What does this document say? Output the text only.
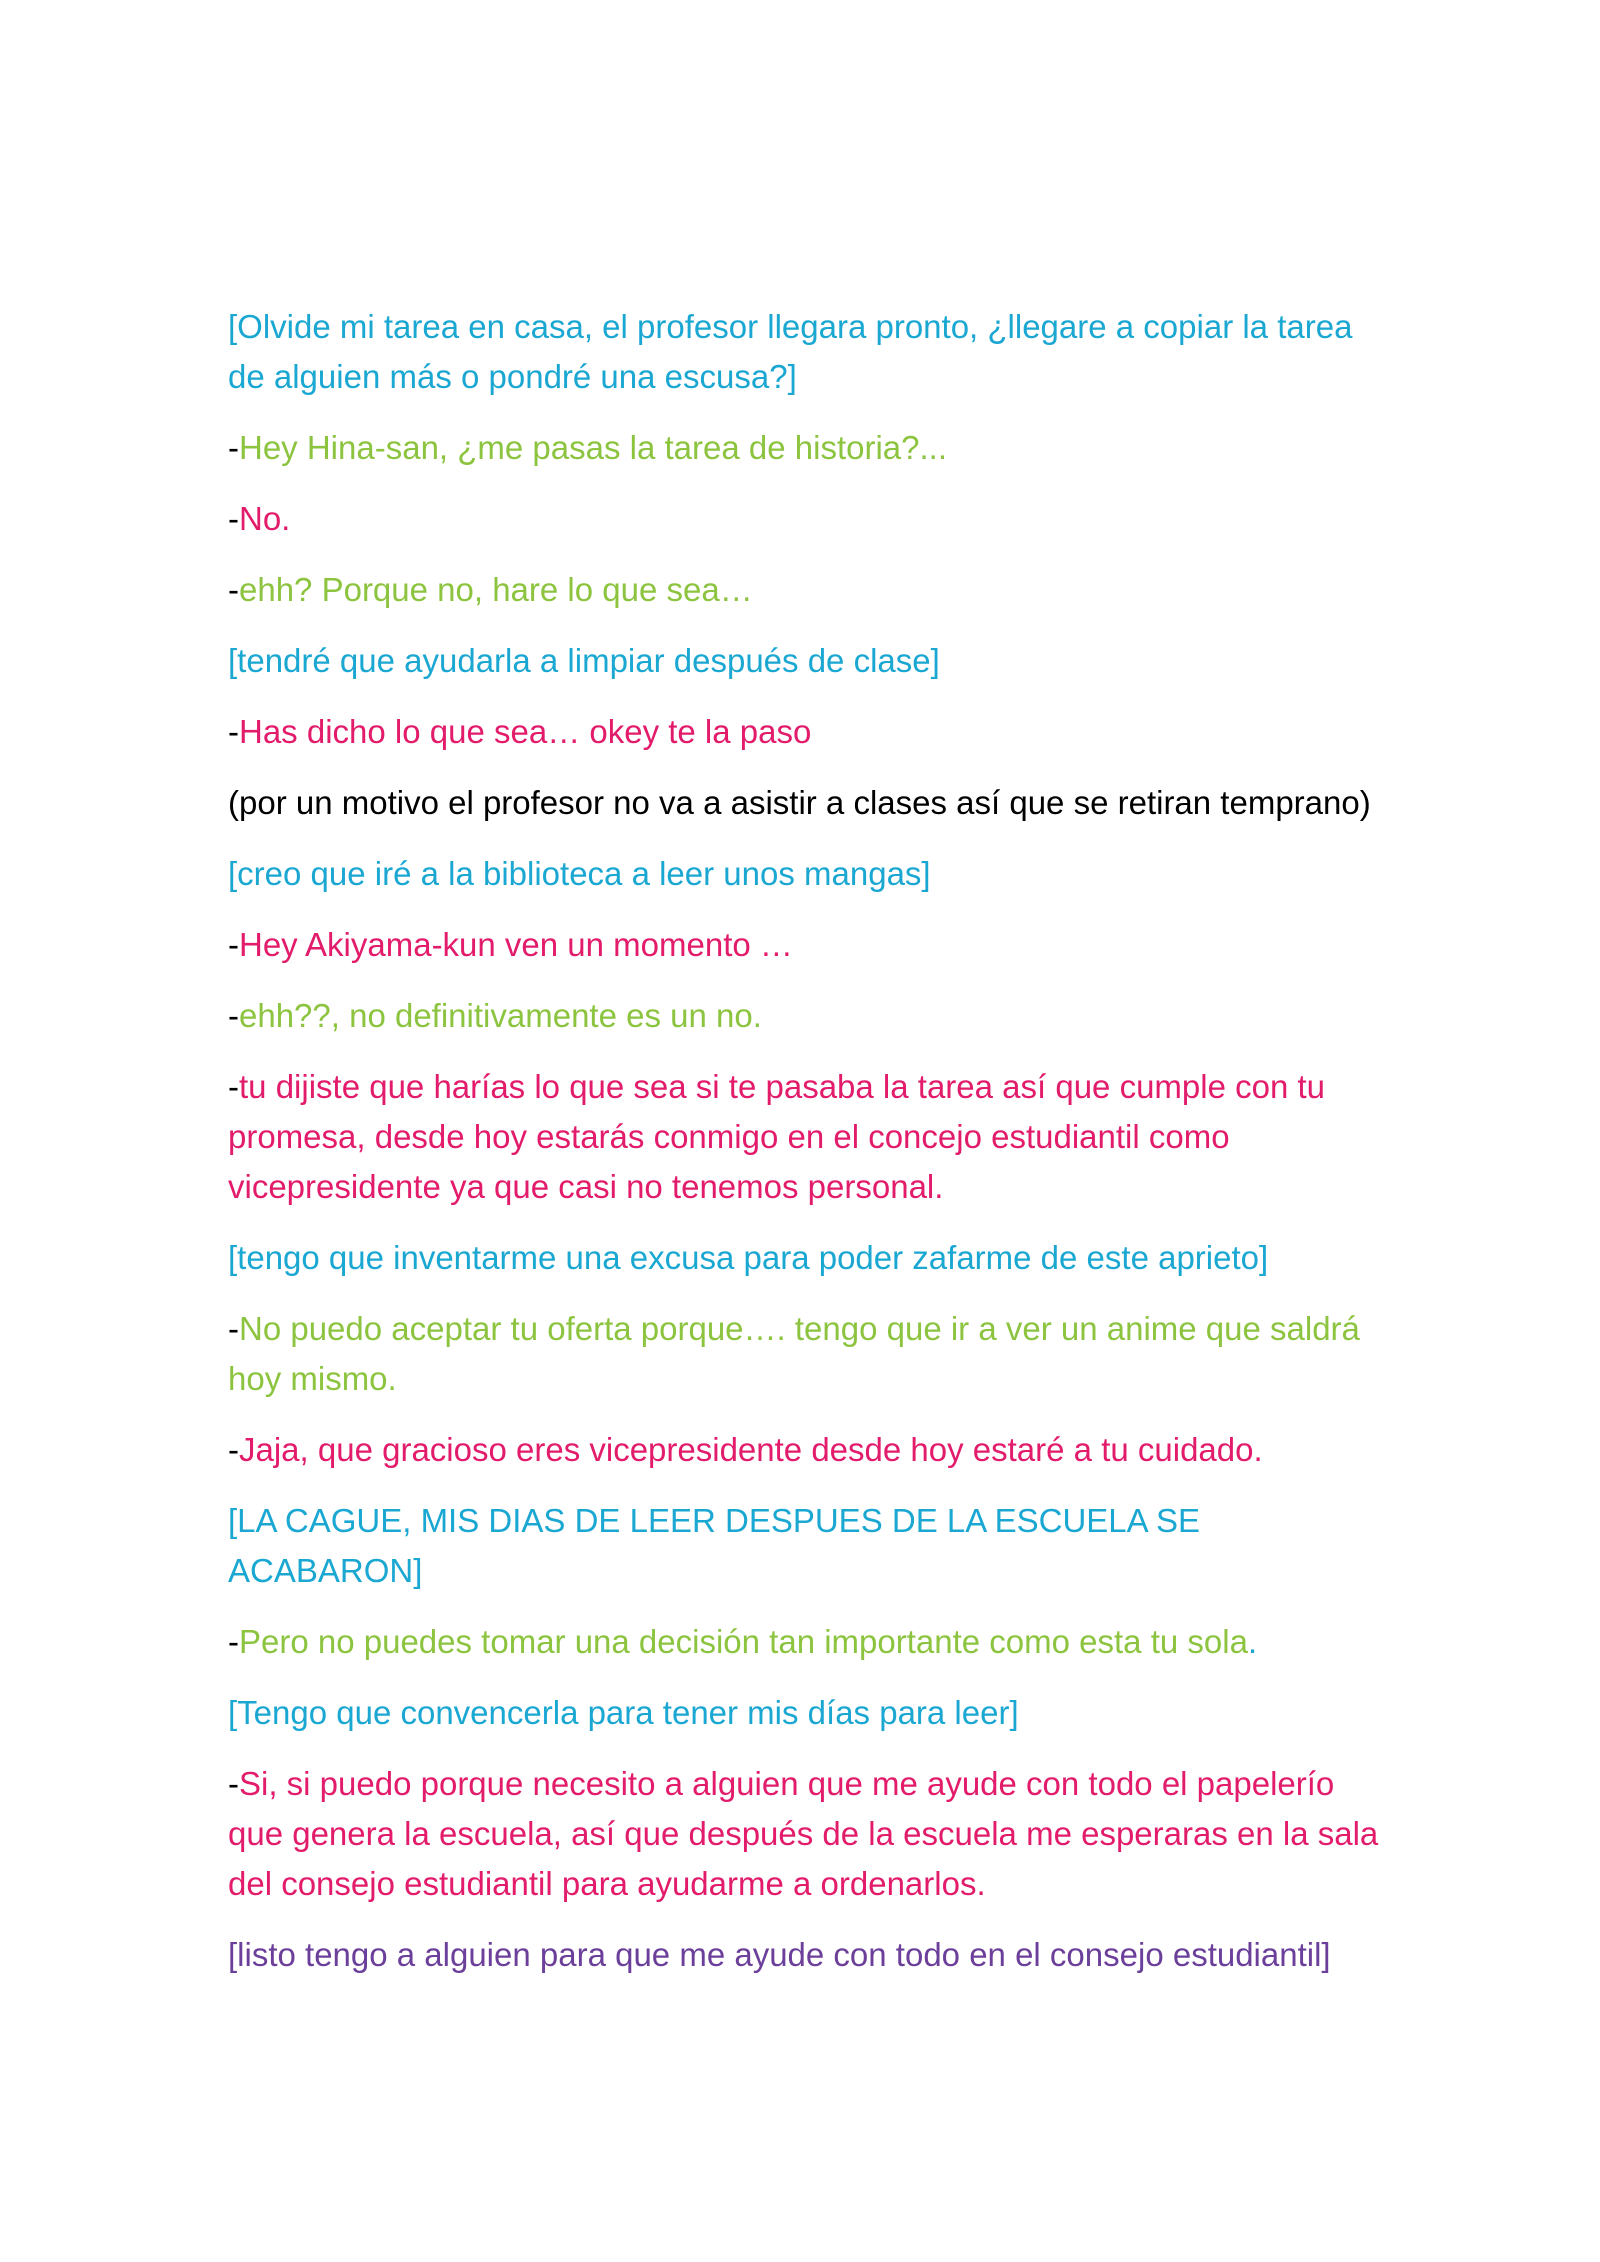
[Olvide mi tarea en casa, el profesor llegara pronto, ¿llegare a copiar la tarea de alguien más o pondré una escusa?]

-Hey Hina-san, ¿me pasas la tarea de historia?...

-No.

-ehh? Porque no, hare lo que sea…

[tendré que ayudarla a limpiar después de clase]

-Has dicho lo que sea… okey te la paso

(por un motivo el profesor no va a asistir a clases así que se retiran temprano)

[creo que iré a la biblioteca a leer unos mangas]

-Hey Akiyama-kun ven un momento …

-ehh??, no definitivamente es un no.

-tu dijiste que harías lo que sea si te pasaba la tarea así que cumple con tu promesa, desde hoy estarás conmigo en el concejo estudiantil como vicepresidente ya que casi no tenemos personal.

[tengo que inventarme una excusa para poder zafarme de este aprieto]

-No puedo aceptar tu oferta porque…. tengo que ir a ver un anime que saldrá hoy mismo.

-Jaja, que gracioso eres vicepresidente desde hoy estaré a tu cuidado.

[LA CAGUE, MIS DIAS DE LEER DESPUES DE LA ESCUELA SE ACABARON]

-Pero no puedes tomar una decisión tan importante como esta tu sola.

[Tengo que convencerla para tener mis días para leer]

-Si, si puedo porque necesito a alguien que me ayude con todo el papelerío que genera la escuela, así que después de la escuela me esperaras en la sala del consejo estudiantil para ayudarme a ordenarlos.

[listo tengo a alguien para que me ayude con todo en el consejo estudiantil]
